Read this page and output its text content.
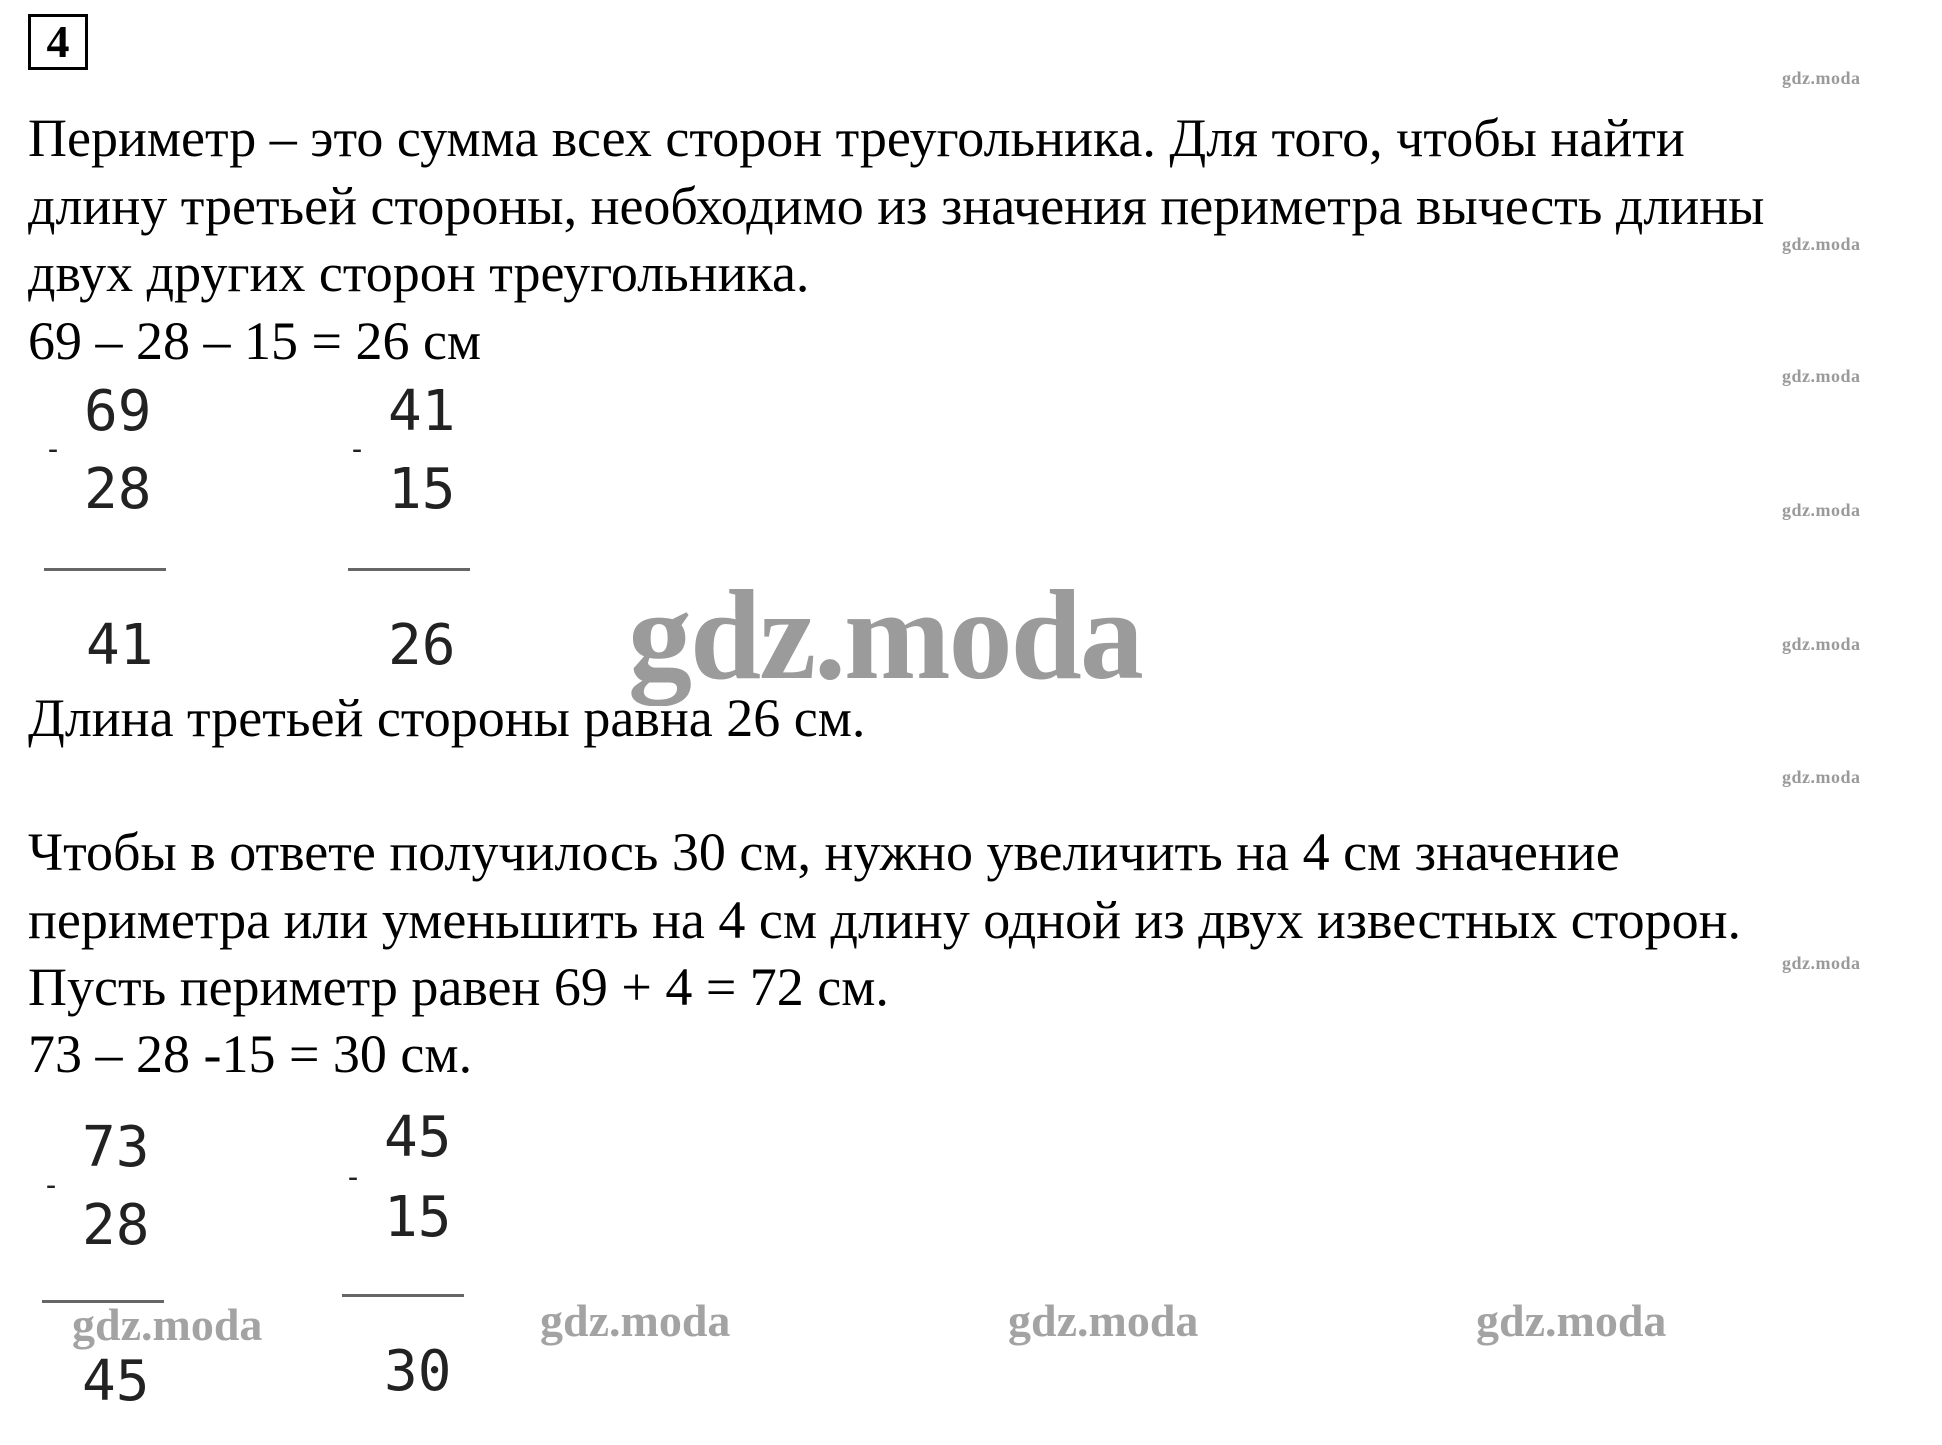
4
Периметр – это сумма всех сторон треугольника. Для того, чтобы найти
длину третьей стороны, необходимо из значения периметра вычесть длины
двух других сторон треугольника.
69 – 28 – 15 = 26 см
69
-
28
41
41
-
15
26
Длина третьей стороны равна 26 см.
Чтобы в ответе получилось 30 см, нужно увеличить на 4 см значение
периметра или уменьшить на 4 см длину одной из двух известных сторон.
Пусть периметр равен 69 + 4 = 72 см.
73 – 28 -15 = 30 см.
73
-
28
45
45
-
15
30
gdz.moda
gdz.moda
gdz.moda
gdz.moda
gdz.moda
gdz.moda
gdz.moda
gdz.moda
gdz.moda	gdz.moda	gdz.moda	gdz.moda
